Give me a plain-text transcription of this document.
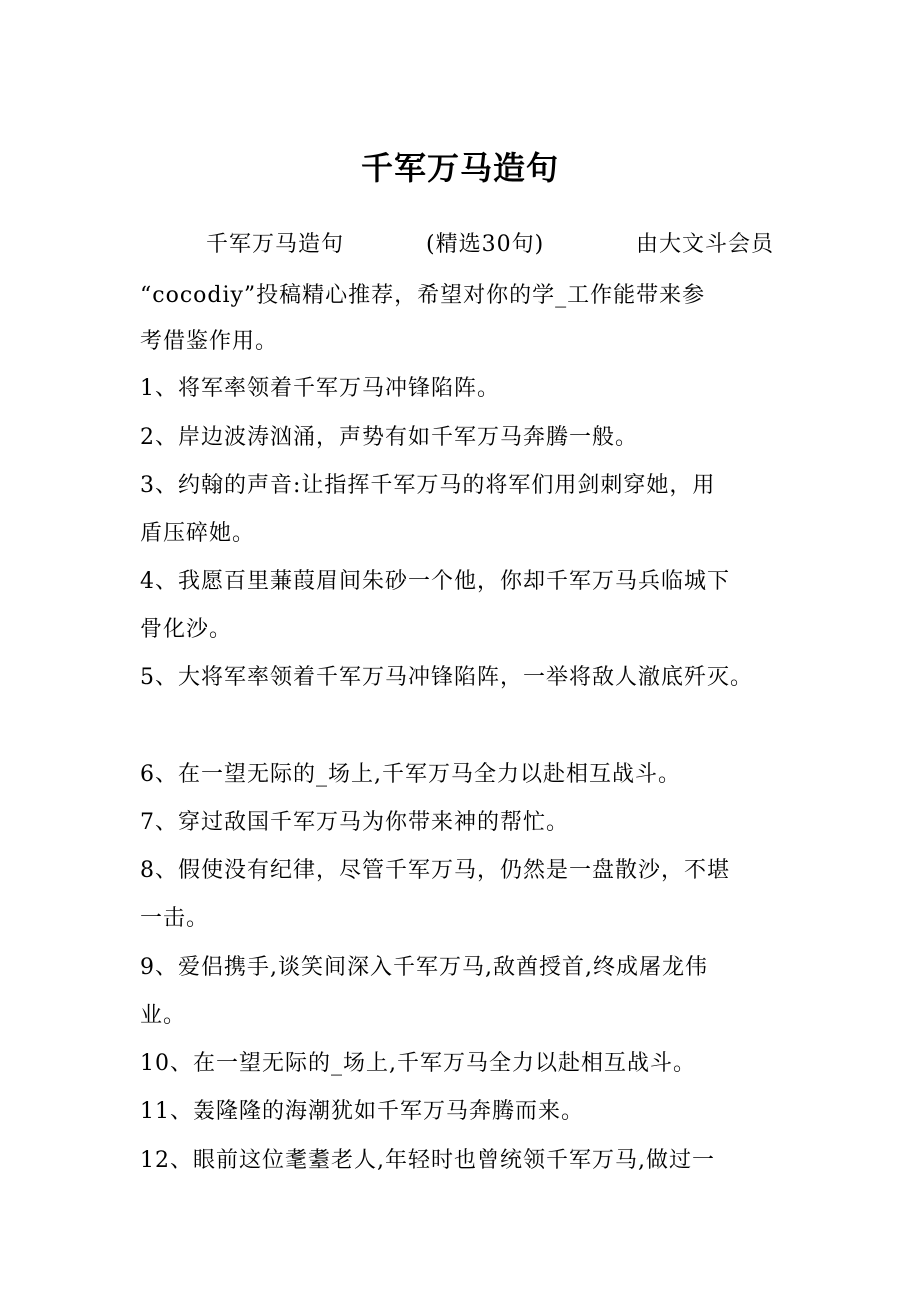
千军万马造句
千军万马造句	(精选30句)	由大文斗会员
“cocodiy”投稿精心推荐，希望对你的学_工作能带来参
考借鉴作用。
1、将军率领着千军万马冲锋陷阵。
2、岸边波涛汹涌，声势有如千军万马奔腾一般。
3、约翰的声音:让指挥千军万马的将军们用剑刺穿她，用
盾压碎她。
4、我愿百里蒹葭眉间朱砂一个他，你却千军万马兵临城下
骨化沙。
5、大将军率领着千军万马冲锋陷阵，一举将敌人澈底歼灭。
6、在一望无际的_场上,千军万马全力以赴相互战斗。
7、穿过敌国千军万马为你带来神的帮忙。
8、假使没有纪律，尽管千军万马，仍然是一盘散沙，不堪
一击。
9、爱侣携手,谈笑间深入千军万马,敌酋授首,终成屠龙伟
业。
10、在一望无际的_场上,千军万马全力以赴相互战斗。
11、轰隆隆的海潮犹如千军万马奔腾而来。
12、眼前这位耄耋老人,年轻时也曾统领千军万马,做过一
